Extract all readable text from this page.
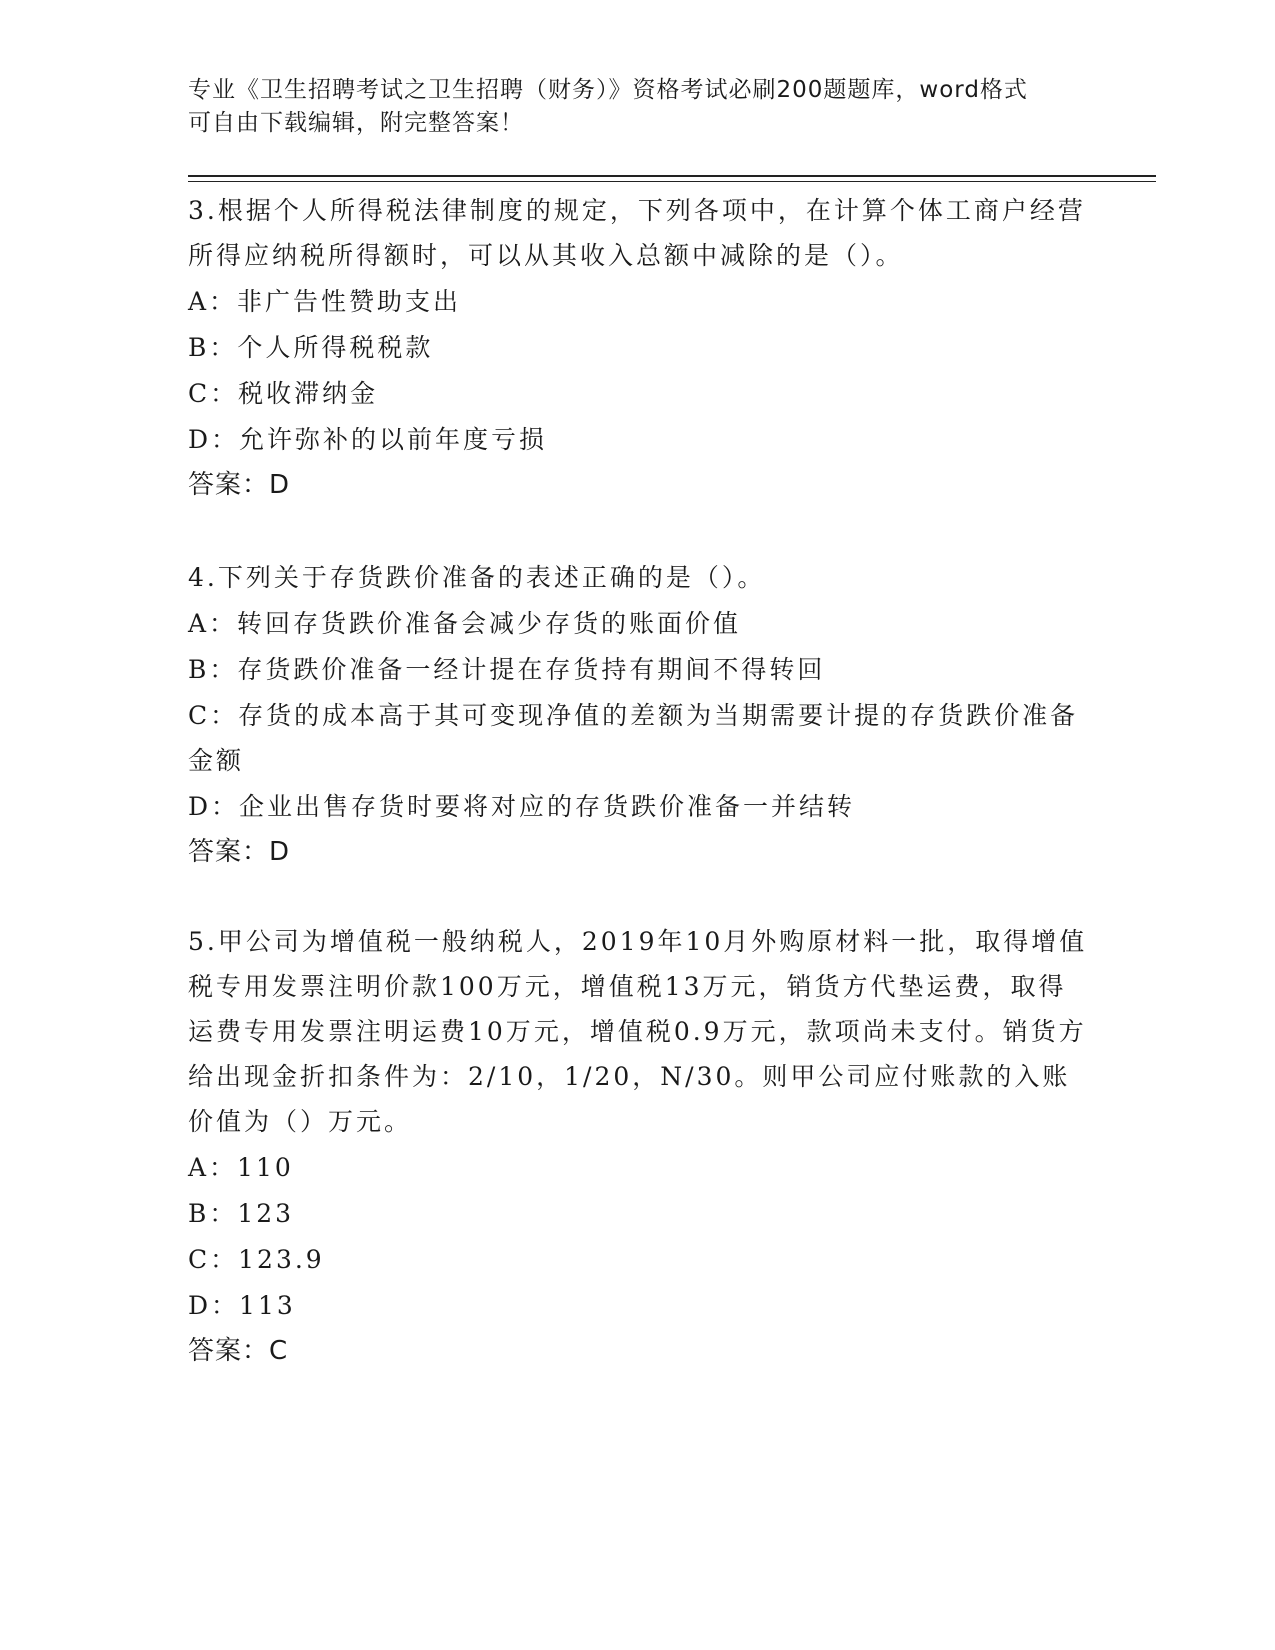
专业《卫生招聘考试之卫生招聘（财务）》资格考试必刷200题题库，word格式
可自由下载编辑，附完整答案！
3.根据个人所得税法律制度的规定，下列各项中，在计算个体工商户经营所得应纳税所得额时，可以从其收入总额中减除的是（）。
A：非广告性赞助支出
B：个人所得税税款
C：税收滞纳金
D：允许弥补的以前年度亏损
答案：D
4.下列关于存货跌价准备的表述正确的是（）。
A：转回存货跌价准备会减少存货的账面价值
B：存货跌价准备一经计提在存货持有期间不得转回
C：存货的成本高于其可变现净值的差额为当期需要计提的存货跌价准备金额
D：企业出售存货时要将对应的存货跌价准备一并结转
答案：D
5.甲公司为增值税一般纳税人，2019年10月外购原材料一批，取得增值税专用发票注明价款100万元，增值税13万元，销货方代垫运费，取得运费专用发票注明运费10万元，增值税0.9万元，款项尚未支付。销货方给出现金折扣条件为：2/10，1/20，N/30。则甲公司应付账款的入账价值为（）万元。
A：110
B：123
C：123.9
D：113
答案：C
